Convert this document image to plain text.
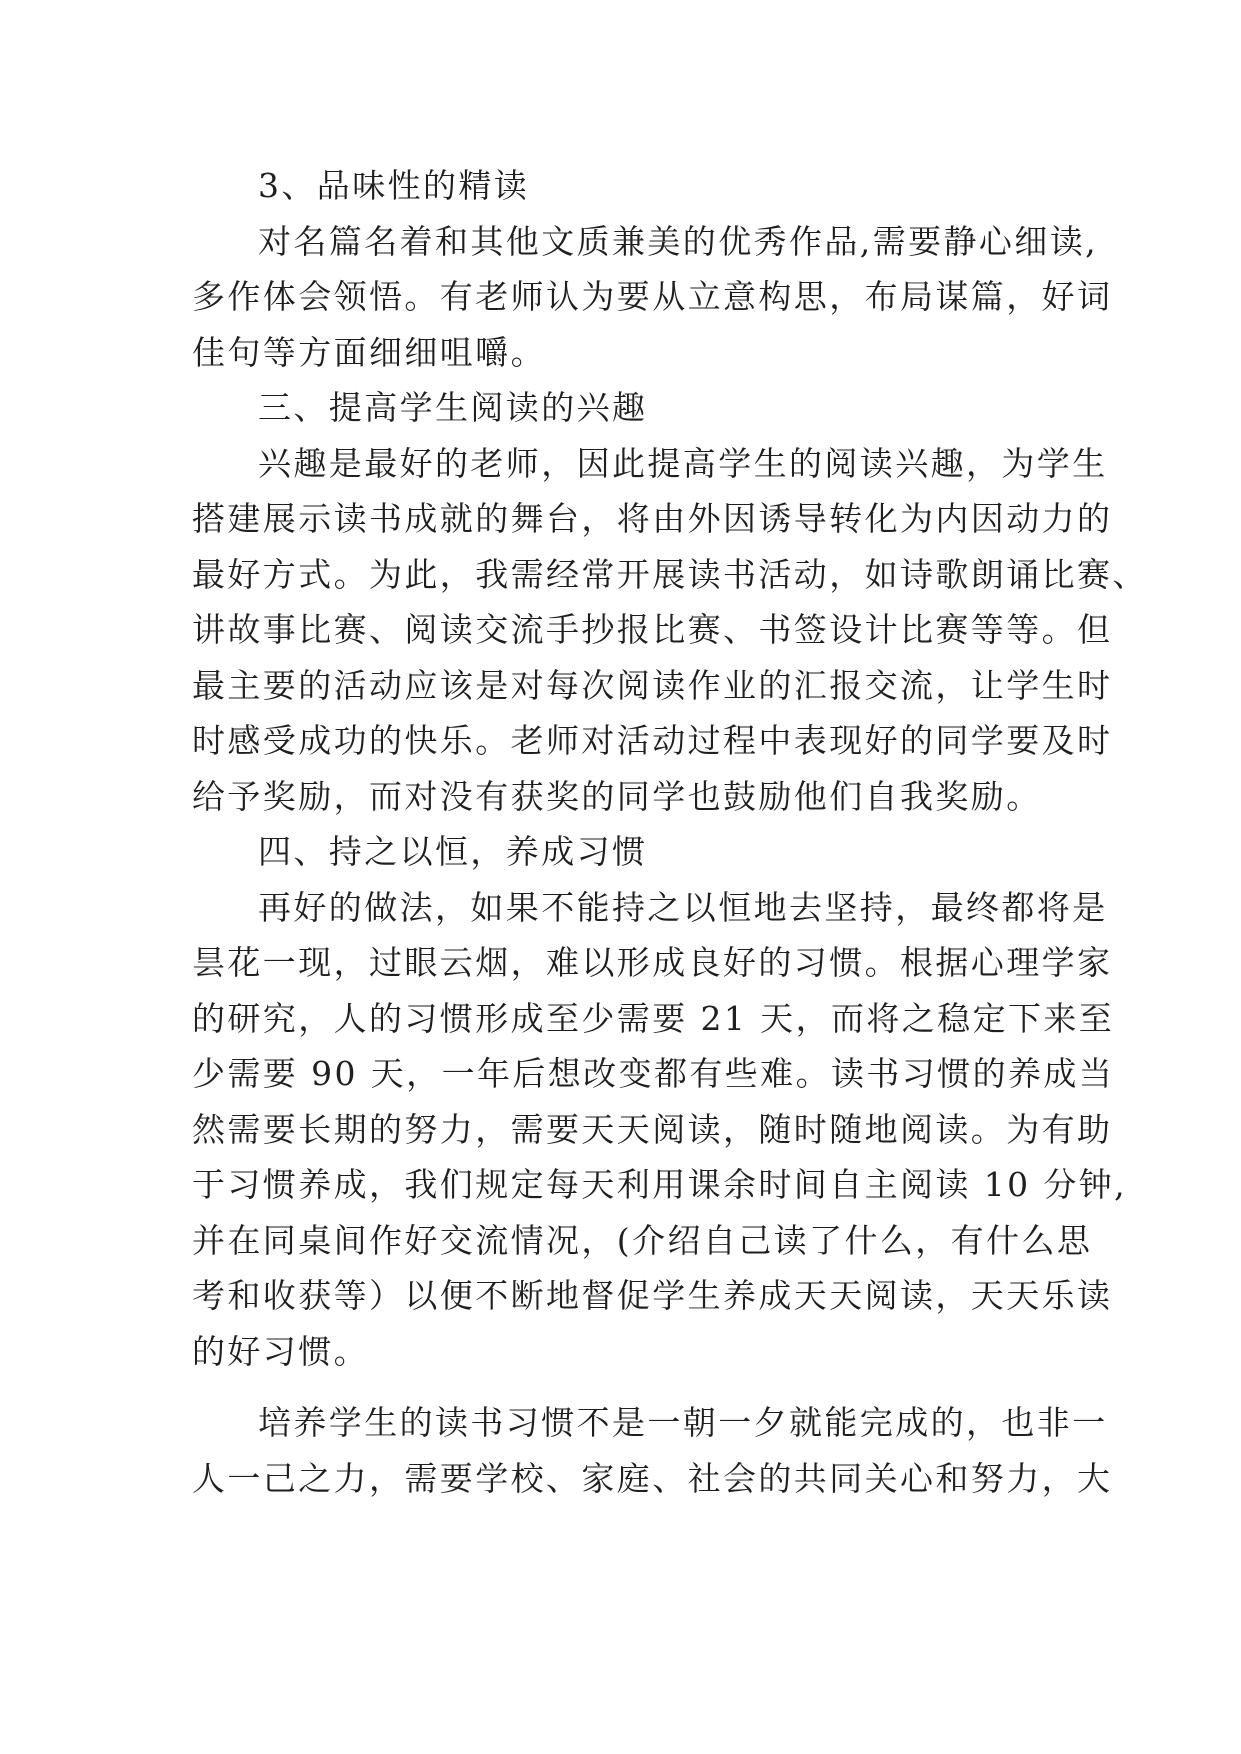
3、品味性的精读
对名篇名着和其他文质兼美的优秀作品,需要静心细读,
多作体会领悟。有老师认为要从立意构思，布局谋篇，好词
佳句等方面细细咀嚼。
三、提高学生阅读的兴趣
兴趣是最好的老师，因此提高学生的阅读兴趣，为学生
搭建展示读书成就的舞台，将由外因诱导转化为内因动力的
最好方式。为此，我需经常开展读书活动，如诗歌朗诵比赛、
讲故事比赛、阅读交流手抄报比赛、书签设计比赛等等。但
最主要的活动应该是对每次阅读作业的汇报交流，让学生时
时感受成功的快乐。老师对活动过程中表现好的同学要及时
给予奖励，而对没有获奖的同学也鼓励他们自我奖励。
四、持之以恒，养成习惯
再好的做法，如果不能持之以恒地去坚持，最终都将是
昙花一现，过眼云烟，难以形成良好的习惯。根据心理学家
的研究，人的习惯形成至少需要 21 天，而将之稳定下来至
少需要 90 天，一年后想改变都有些难。读书习惯的养成当
然需要长期的努力，需要天天阅读，随时随地阅读。为有助
于习惯养成，我们规定每天利用课余时间自主阅读 10 分钟,
并在同桌间作好交流情况，(介绍自己读了什么，有什么思
考和收获等）以便不断地督促学生养成天天阅读，天天乐读
的好习惯。
培养学生的读书习惯不是一朝一夕就能完成的，也非一
人一己之力，需要学校、家庭、社会的共同关心和努力，大
